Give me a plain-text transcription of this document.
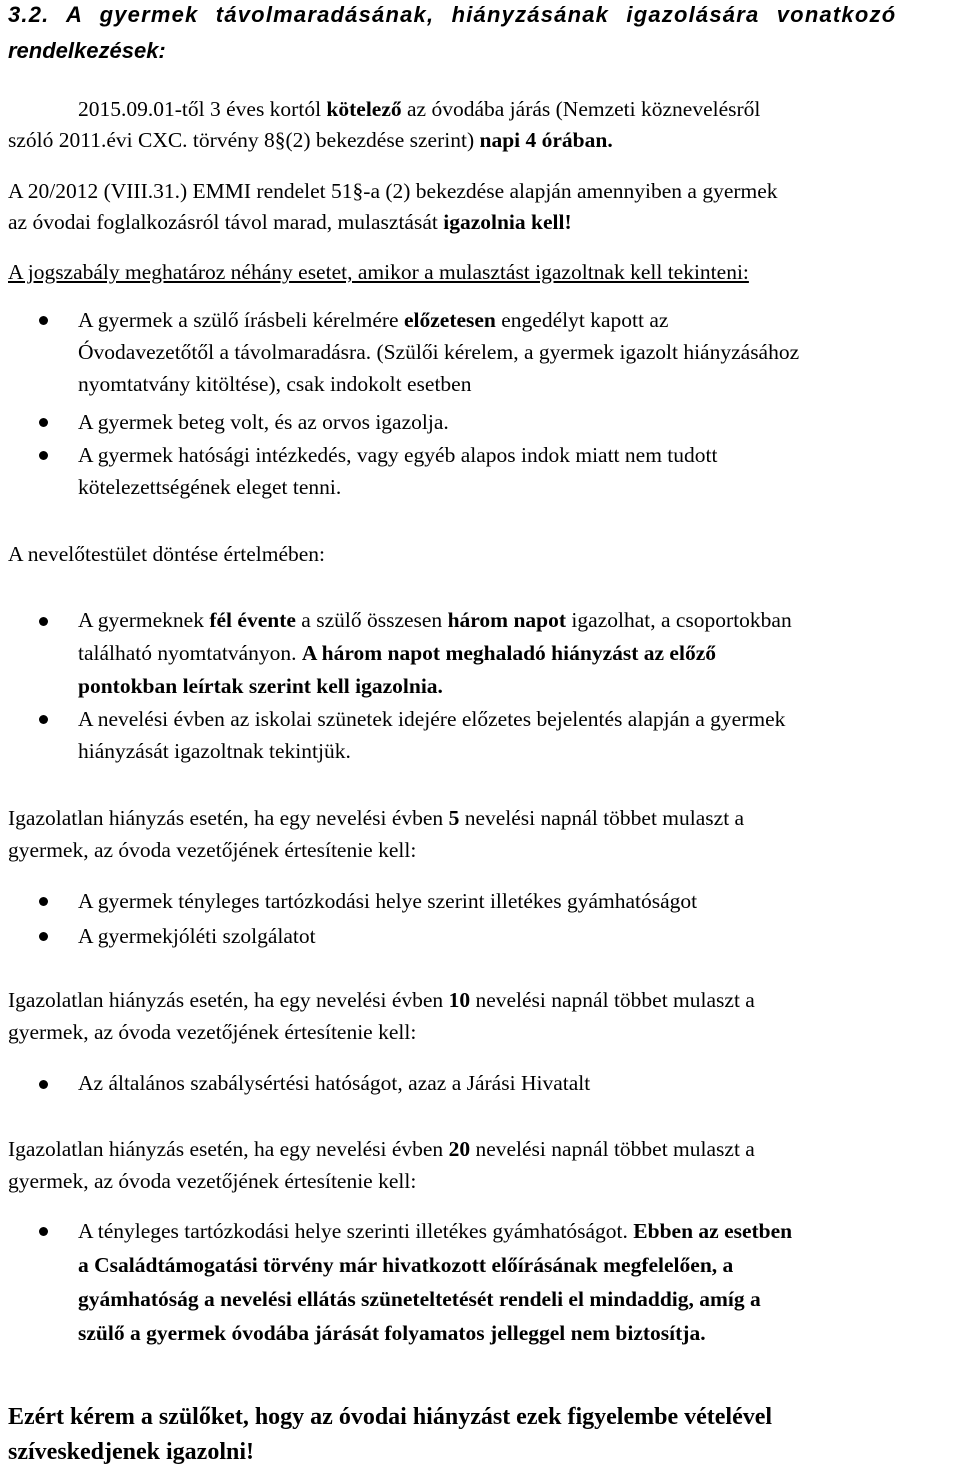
3.2. A gyermek távolmaradásának, hiányzásának igazolására vonatkozó
rendelkezések:
2015.09.01-től 3 éves kortól kötelező az óvodába járás (Nemzeti köznevelésről
szóló 2011.évi CXC. törvény 8§(2) bekezdése szerint) napi 4 órában.
A 20/2012 (VIII.31.) EMMI rendelet 51§-a (2) bekezdése alapján amennyiben a gyermek
az óvodai foglalkozásról távol marad, mulasztását igazolnia kell!
A jogszabály meghatároz néhány esetet, amikor a mulasztást igazoltnak kell tekinteni:
A gyermek a szülő írásbeli kérelmére előzetesen engedélyt kapott az
Óvodavezetőtől a távolmaradásra. (Szülői kérelem, a gyermek igazolt hiányzásához
nyomtatvány kitöltése), csak indokolt esetben
A gyermek beteg volt, és az orvos igazolja.
A gyermek hatósági intézkedés, vagy egyéb alapos indok miatt nem tudott
kötelezettségének eleget tenni.
A nevelőtestület döntése értelmében:
A gyermeknek fél évente a szülő összesen három napot igazolhat, a csoportokban
található nyomtatványon. A három napot meghaladó hiányzást az előző
pontokban leírtak szerint kell igazolnia.
A nevelési évben az iskolai szünetek idejére előzetes bejelentés alapján a gyermek
hiányzását igazoltnak tekintjük.
Igazolatlan hiányzás esetén, ha egy nevelési évben 5 nevelési napnál többet mulaszt a
gyermek, az óvoda vezetőjének értesítenie kell:
A gyermek tényleges tartózkodási helye szerint illetékes gyámhatóságot
A gyermekjóléti szolgálatot
Igazolatlan hiányzás esetén, ha egy nevelési évben 10 nevelési napnál többet mulaszt a
gyermek, az óvoda vezetőjének értesítenie kell:
Az általános szabálysértési hatóságot, azaz a Járási Hivatalt
Igazolatlan hiányzás esetén, ha egy nevelési évben 20 nevelési napnál többet mulaszt a
gyermek, az óvoda vezetőjének értesítenie kell:
A tényleges tartózkodási helye szerinti illetékes gyámhatóságot. Ebben az esetben
a Családtámogatási törvény már hivatkozott előírásának megfelelően, a
gyámhatóság a nevelési ellátás szüneteltetését rendeli el mindaddig, amíg a
szülő a gyermek óvodába járását folyamatos jelleggel nem biztosítja.
Ezért kérem a szülőket, hogy az óvodai hiányzást ezek figyelembe vételével
szíveskedjenek igazolni!
